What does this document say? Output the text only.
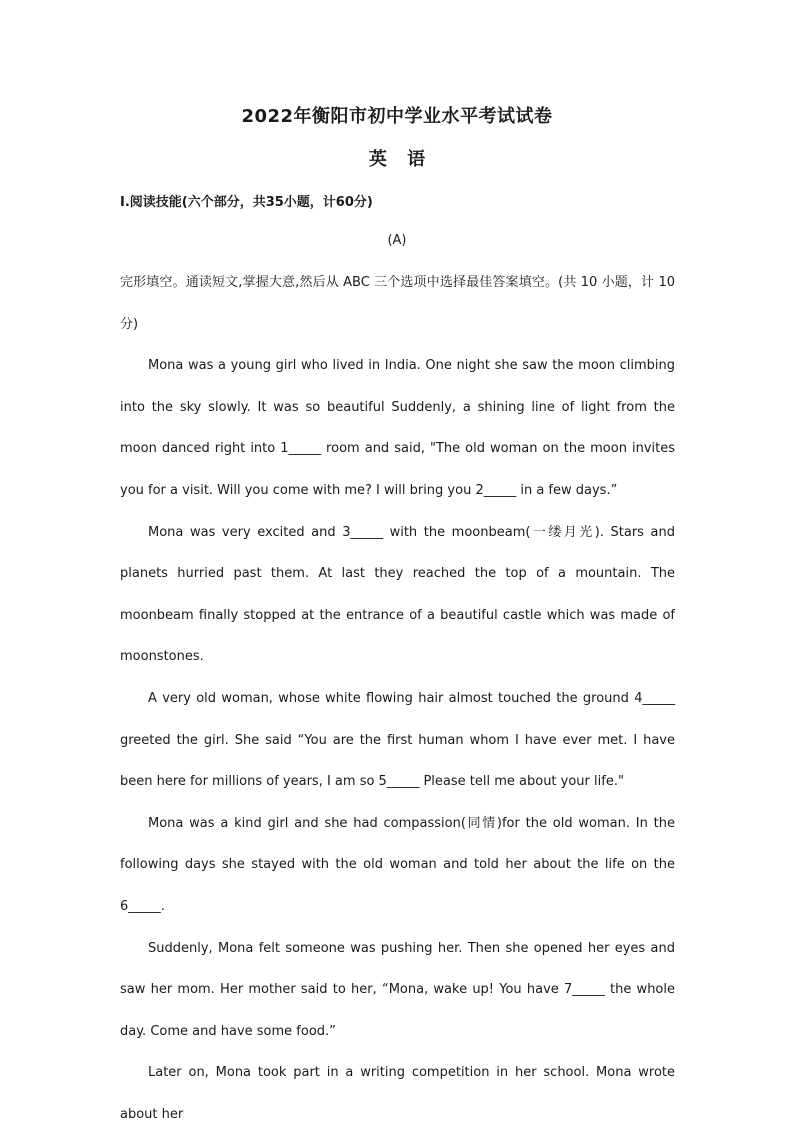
2022年衡阳市初中学业水平考试试卷
英 语
I.阅读技能(六个部分，共35小题，计60分)
(A)

完形填空。通读短文,掌握大意,然后从 ABC 三个选项中选择最佳答案填空。(共 10 小题，计 10分)

Mona was a young girl who lived in India. One night she saw the moon climbing into the sky slowly. It was so beautiful Suddenly, a shining line of light from the moon danced right into 1_____ room and said, "The old woman on the moon invites you for a visit. Will you come with me? I will bring you 2_____ in a few days.”

Mona was very excited and 3_____ with the moonbeam(一缕月光). Stars and planets hurried past them. At last they reached the top of a mountain. The moonbeam finally stopped at the entrance of a beautiful castle which was made of moonstones.

A very old woman, whose white flowing hair almost touched the ground 4_____ greeted the girl. She said “You are the first human whom I have ever met. I have been here for millions of years, I am so 5_____ Please tell me about your life."

Mona was a kind girl and she had compassion(同情)for the old woman. In the following days she stayed with the old woman and told her about the life on the 6_____.

Suddenly, Mona felt someone was pushing her. Then she opened her eyes and saw her mom. Her mother said to her, “Mona, wake up! You have 7_____ the whole day. Come and have some food.”

Later on, Mona took part in a writing competition in her school. Mona wrote about her
